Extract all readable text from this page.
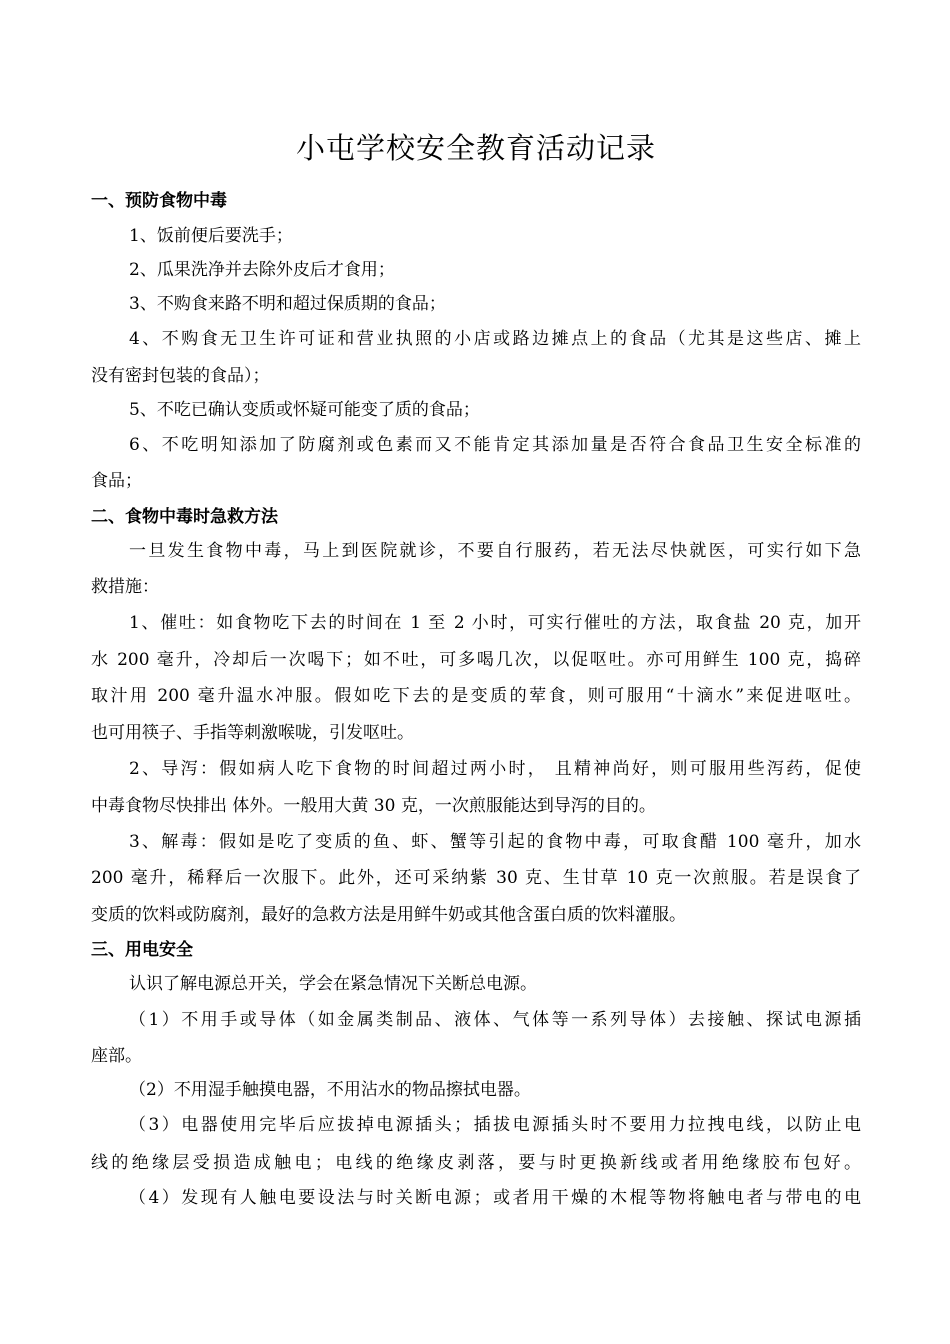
小屯学校安全教育活动记录
一、预防食物中毒
1、饭前便后要洗手；
2、瓜果洗净并去除外皮后才食用；
3、不购食来路不明和超过保质期的食品；
4、不购食无卫生许可证和营业执照的小店或路边摊点上的食品（尤其是这些店、摊上
没有密封包装的食品）；
5、不吃已确认变质或怀疑可能变了质的食品；
6、不吃明知添加了防腐剂或色素而又不能肯定其添加量是否符合食品卫生安全标准的
食品；
二、食物中毒时急救方法
一旦发生食物中毒，马上到医院就诊，不要自行服药，若无法尽快就医，可实行如下急
救措施：
1、催吐：如食物吃下去的时间在 1 至 2 小时，可实行催吐的方法，取食盐 20 克，加开
水 200 毫升，冷却后一次喝下；如不吐，可多喝几次，以促呕吐。亦可用鲜生 100 克，捣碎
取汁用 200 毫升温水冲服。假如吃下去的是变质的荤食，则可服用“十滴水”来促进呕吐。
也可用筷子、手指等刺激喉咙，引发呕吐。
2、导泻：假如病人吃下食物的时间超过两小时， 且精神尚好，则可服用些泻药，促使
中毒食物尽快排出 体外。一般用大黄 30 克，一次煎服能达到导泻的目的。
3、解毒：假如是吃了变质的鱼、虾、蟹等引起的食物中毒，可取食醋 100 毫升，加水
200 毫升，稀释后一次服下。此外，还可采纳紫 30 克、生甘草 10 克一次煎服。若是误食了
变质的饮料或防腐剂，最好的急救方法是用鲜牛奶或其他含蛋白质的饮料灌服。
三、用电安全
认识了解电源总开关，学会在紧急情况下关断总电源。
（1）不用手或导体（如金属类制品、液体、气体等一系列导体）去接触、探试电源插
座部。
（2）不用湿手触摸电器，不用沾水的物品擦拭电器。
（3）电器使用完毕后应拔掉电源插头；插拔电源插头时不要用力拉拽电线，以防止电
线的绝缘层受损造成触电；电线的绝缘皮剥落，要与时更换新线或者用绝缘胶布包好。
（4）发现有人触电要设法与时关断电源；或者用干燥的木棍等物将触电者与带电的电
